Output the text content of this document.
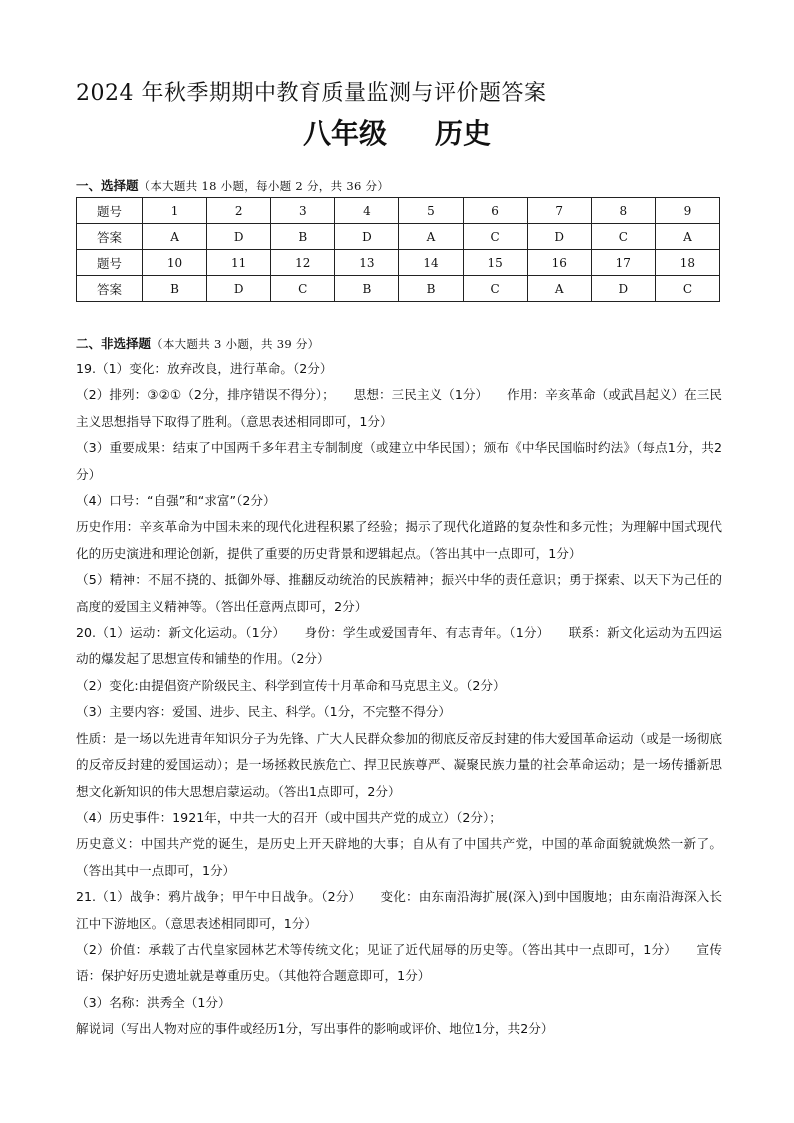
2024 年秋季期期中教育质量监测与评价题答案
八年级 历史
一、选择题（本大题共 18 小题，每小题 2 分，共 36 分）
题号	1	2	3	4	5	6	7	8	9
答案	A	D	B	D	A	C	D	C	A
题号	10	11	12	13	14	15	16	17	18
答案	B	D	C	B	B	C	A	D	C
二、非选择题（本大题共 3 小题，共 39 分）

19.（1）变化：放弃改良，进行革命。（2分）

（2）排列：③②①（2分，排序错误不得分）；　　思想：三民主义（1分）　　作用：辛亥革命（或武昌起义）在三民主义思想指导下取得了胜利。（意思表述相同即可，1分）

（3）重要成果：结束了中国两千多年君主专制制度（或建立中华民国）；颁布《中华民国临时约法》（每点1分，共2分）

（4）口号：“自强”和“求富”（2分）

历史作用：辛亥革命为中国未来的现代化进程积累了经验；揭示了现代化道路的复杂性和多元性；为理解中国式现代化的历史演进和理论创新，提供了重要的历史背景和逻辑起点。（答出其中一点即可，1分）

（5）精神：不屈不挠的、抵御外辱、推翻反动统治的民族精神；振兴中华的责任意识；勇于探索、以天下为己任的高度的爱国主义精神等。（答出任意两点即可，2分）

20.（1）运动：新文化运动。（1分）　　身份：学生或爱国青年、有志青年。（1分）　　联系：新文化运动为五四运动的爆发起了思想宣传和铺垫的作用。（2分）

（2）变化:由提倡资产阶级民主、科学到宣传十月革命和马克思主义。（2分）

（3）主要内容：爱国、进步、民主、科学。（1分，不完整不得分）

性质：是一场以先进青年知识分子为先锋、广大人民群众参加的彻底反帝反封建的伟大爱国革命运动（或是一场彻底的反帝反封建的爱国运动）；是一场拯救民族危亡、捍卫民族尊严、凝聚民族力量的社会革命运动；是一场传播新思想文化新知识的伟大思想启蒙运动。（答出1点即可，2分）

（4）历史事件：1921年，中共一大的召开（或中国共产党的成立）（2分）；

历史意义：中国共产党的诞生，是历史上开天辟地的大事；自从有了中国共产党，中国的革命面貌就焕然一新了。（答出其中一点即可，1分）

21.（1）战争：鸦片战争；甲午中日战争。（2分）　　变化：由东南沿海扩展(深入)到中国腹地；由东南沿海深入长江中下游地区。（意思表述相同即可，1分）

（2）价值：承载了古代皇家园林艺术等传统文化；见证了近代屈辱的历史等。（答出其中一点即可，1分）　　宣传语：保护好历史遗址就是尊重历史。（其他符合题意即可，1分）

（3）名称：洪秀全（1分）

解说词（写出人物对应的事件或经历1分，写出事件的影响或评价、地位1分，共2分）
